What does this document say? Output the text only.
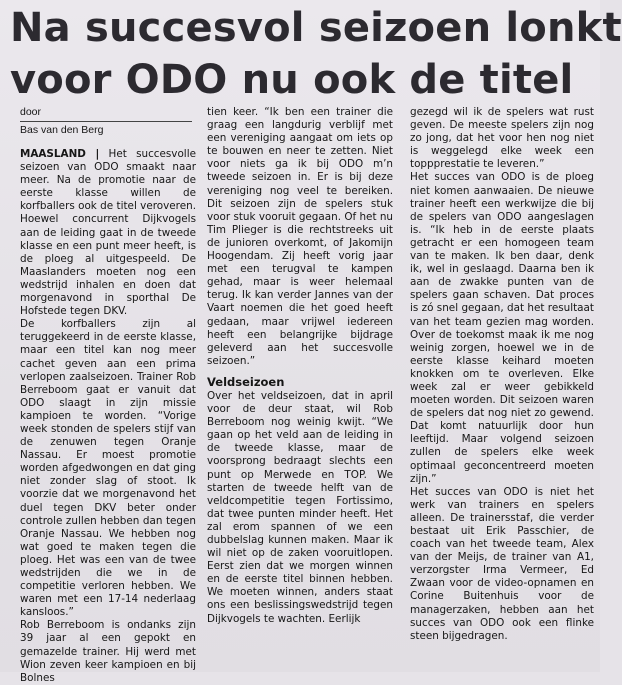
Na succesvol seizoen lonkt
voor ODO nu ook de titel
door
Bas van den Berg

MAASLAND | Het succesvolle seizoen van ODO smaakt naar meer. Na de promotie naar de eerste klasse willen de korfballers ook de titel veroveren. Hoewel concurrent Dijkvogels aan de leiding gaat in de tweede klasse en een punt meer heeft, is de ploeg al uitgespeeld. De Maaslanders moeten nog een wedstrijd inhalen en doen dat morgenavond in sporthal De Hofstede tegen DKV.

De korfballers zijn al teruggekeerd in de eerste klasse, maar een titel kan nog meer cachet geven aan een prima verlopen zaalseizoen. Trainer Rob Berreboom gaat er vanuit dat ODO slaagt in zijn missie kampioen te worden. “Vorige week stonden de spelers stijf van de zenuwen tegen Oranje Nassau. Er moest promotie worden afgedwongen en dat ging niet zonder slag of stoot. Ik voorzie dat we morgenavond het duel tegen DKV beter onder controle zullen hebben dan tegen Oranje Nassau. We hebben nog wat goed te maken tegen die ploeg. Het was een van de twee wedstrijden die we in de competitie verloren hebben. We waren met een 17-14 nederlaag kansloos.”

Rob Berreboom is ondanks zijn 39 jaar al een gepokt en gemazelde trainer. Hij werd met Wion zeven keer kampioen en bij Bolnes

tien keer. “Ik ben een trainer die graag een langdurig verblijf met een vereniging aangaat om iets op te bouwen en neer te zetten. Niet voor niets ga ik bij ODO m’n tweede seizoen in. Er is bij deze vereniging nog veel te bereiken. Dit seizoen zijn de spelers stuk voor stuk vooruit gegaan. Of het nu Tim Plieger is die rechtstreeks uit de junioren overkomt, of Jakomijn Hoogendam. Zij heeft vorig jaar met een terugval te kampen gehad, maar is weer helemaal terug. Ik kan verder Jannes van der Vaart noemen die het goed heeft gedaan, maar vrijwel iedereen heeft een belangrijke bijdrage geleverd aan het succesvolle seizoen.”

Veldseizoen

Over het veldseizoen, dat in april voor de deur staat, wil Rob Berreboom nog weinig kwijt. “We gaan op het veld aan de leiding in de tweede klasse, maar de voorsprong bedraagt slechts een punt op Merwede en TOP. We starten de tweede helft van de veldcompetitie tegen Fortissimo, dat twee punten minder heeft. Het zal erom spannen of we een dubbelslag kunnen maken. Maar ik wil niet op de zaken vooruitlopen. Eerst zien dat we morgen winnen en de eerste titel binnen hebben. We moeten winnen, anders staat ons een beslissingswedstrijd tegen Dijkvogels te wachten. Eerlijk

gezegd wil ik de spelers wat rust geven. De meeste spelers zijn nog zo jong, dat het voor hen nog niet is weggelegd elke week een toppprestatie te leveren.”

Het succes van ODO is de ploeg niet komen aanwaaien. De nieuwe trainer heeft een werkwijze die bij de spelers van ODO aangeslagen is. “Ik heb in de eerste plaats getracht er een homogeen team van te maken. Ik ben daar, denk ik, wel in geslaagd. Daarna ben ik aan de zwakke punten van de spelers gaan schaven. Dat proces is zó snel gegaan, dat het resultaat van het team gezien mag worden. Over de toekomst maak ik me nog weinig zorgen, hoewel we in de eerste klasse keihard moeten knokken om te overleven. Elke week zal er weer gebikkeld moeten worden. Dit seizoen waren de spelers dat nog niet zo gewend. Dat komt natuurlijk door hun leeftijd. Maar volgend seizoen zullen de spelers elke week optimaal geconcentreerd moeten zijn.”

Het succes van ODO is niet het werk van trainers en spelers alleen. De trainersstaf, die verder bestaat uit Erik Passchier, de coach van het tweede team, Alex van der Meijs, de trainer van A1, verzorgster Irma Vermeer, Ed Zwaan voor de video-opnamen en Corine Buitenhuis voor de managerzaken, hebben aan het succes van ODO ook een flinke steen bijgedragen.
